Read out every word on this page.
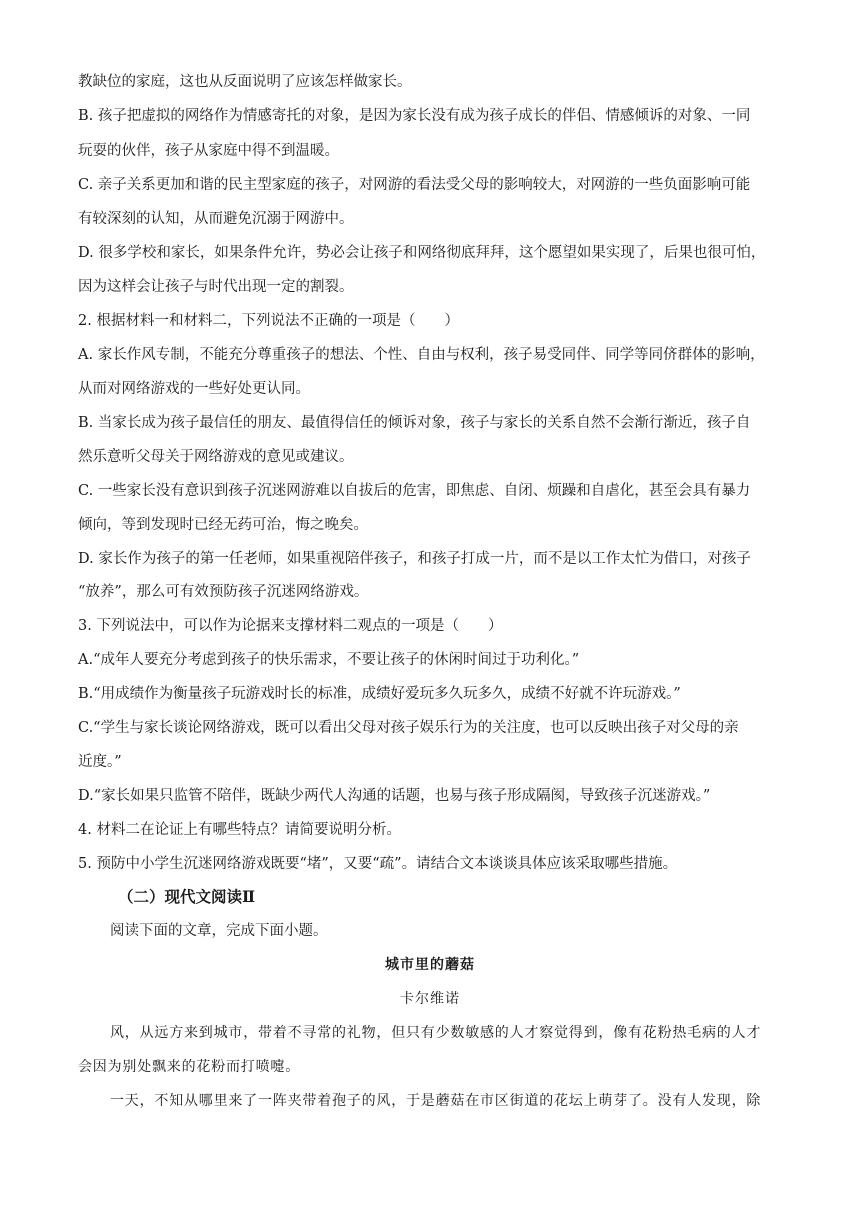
教缺位的家庭，这也从反面说明了应该怎样做家长。
B. 孩子把虚拟的网络作为情感寄托的对象，是因为家长没有成为孩子成长的伴侣、情感倾诉的对象、一同
玩耍的伙伴，孩子从家庭中得不到温暖。
C. 亲子关系更加和谐的民主型家庭的孩子，对网游的看法受父母的影响较大，对网游的一些负面影响可能
有较深刻的认知，从而避免沉溺于网游中。
D. 很多学校和家长，如果条件允许，势必会让孩子和网络彻底拜拜，这个愿望如果实现了，后果也很可怕，
因为这样会让孩子与时代出现一定的割裂。
2. 根据材料一和材料二，下列说法不正确的一项是（　　）
A. 家长作风专制，不能充分尊重孩子的想法、个性、自由与权利，孩子易受同伴、同学等同侪群体的影响，
从而对网络游戏的一些好处更认同。
B. 当家长成为孩子最信任的朋友、最值得信任的倾诉对象，孩子与家长的关系自然不会渐行渐近，孩子自
然乐意听父母关于网络游戏的意见或建议。
C. 一些家长没有意识到孩子沉迷网游难以自拔后的危害，即焦虑、自闭、烦躁和自虐化，甚至会具有暴力
倾向，等到发现时已经无药可治，悔之晚矣。
D. 家长作为孩子的第一任老师，如果重视陪伴孩子，和孩子打成一片，而不是以工作太忙为借口，对孩子
“放养”，那么可有效预防孩子沉迷网络游戏。
3. 下列说法中，可以作为论据来支撑材料二观点的一项是（　　）
A.“成年人要充分考虑到孩子的快乐需求，不要让孩子的休闲时间过于功利化。”
B.“用成绩作为衡量孩子玩游戏时长的标准，成绩好爱玩多久玩多久，成绩不好就不许玩游戏。”
C.“学生与家长谈论网络游戏，既可以看出父母对孩子娱乐行为的关注度，也可以反映出孩子对父母的亲
近度。”
D.“家长如果只监管不陪伴，既缺少两代人沟通的话题，也易与孩子形成隔阂，导致孩子沉迷游戏。”
4. 材料二在论证上有哪些特点？请简要说明分析。
5. 预防中小学生沉迷网络游戏既要“堵”，又要“疏”。请结合文本谈谈具体应该采取哪些措施。
（二）现代文阅读Ⅱ
阅读下面的文章，完成下面小题。
城市里的蘑菇
卡尔维诺
风，从远方来到城市，带着不寻常的礼物，但只有少数敏感的人才察觉得到，像有花粉热毛病的人才
会因为别处飘来的花粉而打喷嚏。
一天，不知从哪里来了一阵夹带着孢子的风，于是蘑菇在市区街道的花坛上萌芽了。没有人发现，除
